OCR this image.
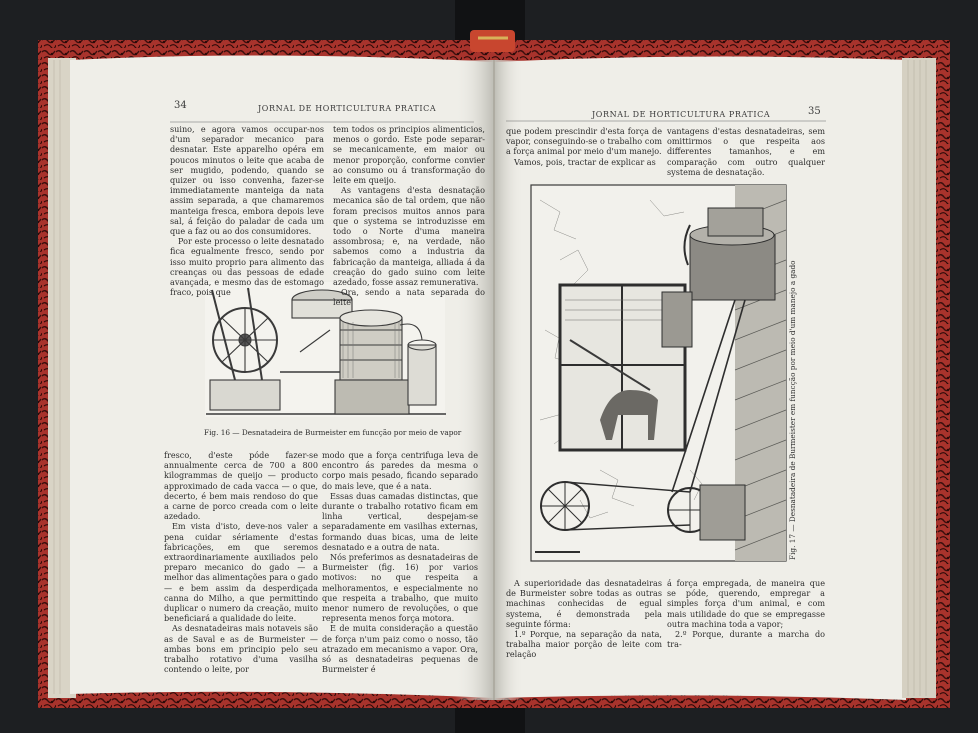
JORNAL DE HORTICULTURA PRATICA
34

suino, e agora vamos occupar-nos d'um separador mecanico para desnatar. Este apparelho opéra em poucos minutos o leite que acaba de ser mugido, podendo, quando se quizer ou isso convenha, fazer-se immediatamente manteiga da nata assim separada, a que chamaremos manteiga fresca, embora depois leve sal, á feição do paladar de cada um que a faz ou ao dos consumidores.

Por este processo o leite desnatado fica egualmente fresco, sendo por isso muito proprio para alimento das creanças ou das pessoas de edade avançada, e mesmo das de estomago fraco, pois que

tem todos os principios alimenticios, menos o gordo. Este pode separar-se mecanicamente, em maior ou menor proporção, conforme convier ao consumo ou á transformação do leite em queijo.

As vantagens d'esta desnatação mecanica são de tal ordem, que não foram precisos muitos annos para que o systema se introduzisse em todo o Norte d'uma maneira assombrosa; e, na verdade, não sabemos como a industria da fabricação da manteiga, alliada á da creação do gado suino com leite azedado, fosse assaz remunerativa.

Ora, sendo a nata separada do leite

Fig. 16 — Desnatadeira de Burmeister em funcção por meio de vapor

fresco, d'este póde fazer-se annualmente cerca de 700 a 800 kilogrammas de queijo — producto approximado de cada vacca — o que, decerto, é bem mais rendoso do que a carne de porco creada com o leite azedado.

Em vista d'isto, deve-nos valer a pena cuidar sériamente d'estas fabricações, em que seremos extraordinariamente auxiliados pelo preparo mecanico do gado — a melhor das alimentações para o gado — e bem assim da desperdiçada canna do Milho, a que permittindo duplicar o numero da creação, muito beneficiará a qualidade do leite.

As desnatadeiras mais notaveis são as de Saval e as de Burmeister — ambas bons em principio pelo seu trabalho rotativo d'uma vasilha contendo o leite, por

modo que a força centrifuga leva de encontro ás paredes da mesma o corpo mais pesado, ficando separado do mais leve, que é a nata.

Essas duas camadas distinctas, que durante o trabalho rotativo ficam em linha vertical, despejam-se separadamente em vasilhas externas, formando duas bicas, uma de leite desnatado e a outra de nata.

Nós preferimos as desnatadeiras de Burmeister (fig. 16) por varios motivos: no que respeita a melhoramentos, e especialmente no que respeita a trabalho, que muito menor numero de revoluções, o que representa menos força motora.

E de muita consideração a questão de força n'um paiz como o nosso, tão atrazado em mecanismo a vapor. Ora, só as desnatadeiras pequenas de Burmeister é

JORNAL DE HORTICULTURA PRATICA	35

que podem prescindir d'esta força de vapor, conseguindo-se o trabalho com a força animal por meio d'um manejo.

Vamos, pois, tractar de explicar as

vantagens d'estas desnatadeiras, sem omittirmos o que respeita aos differentes tamanhos, e em comparação com outro qualquer systema de desnatação.

Fig. 17 — Desnatadeira de Burmeister em funcção por meio d'um manejo a gado

A superioridade das desnatadeiras de Burmeister sobre todas as outras machinas conhecidas de egual systema, é demonstrada pela seguinte fórma:

1.º Porque, na separação da nata, trabalha maior porção de leite com relação

á força empregada, de maneira que se póde, querendo, empregar a simples força d'um animal, e com mais utilidade do que se empregasse outra machina toda a vapor;

2.º Porque, durante a marcha do tra-
